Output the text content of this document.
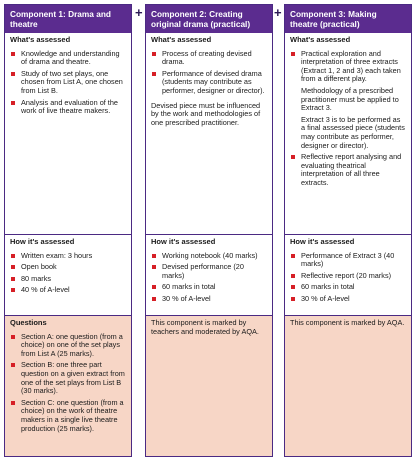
Component 1: Drama and theatre
What's assessed
Knowledge and understanding of drama and theatre.
Study of two set plays, one chosen from List A, one chosen from List B.
Analysis and evaluation of the work of live theatre makers.
How it's assessed
Written exam: 3 hours
Open book
80 marks
40 % of A-level
Questions
Section A: one question (from a choice) on one of the set plays from List A (25 marks).
Section B: one three part question on a given extract from one of the set plays from List B (30 marks).
Section C: one question (from a choice) on the work of theatre makers in a single live theatre production (25 marks).
+	Component 2: Creating original drama (practical)
What's assessed
Process of creating devised drama.
Performance of devised drama (students may contribute as performer, designer or director).

Devised piece must be influenced by the work and methodologies of one prescribed practitioner.

How it's assessed
Working notebook (40 marks)
Devised performance (20 marks)
60 marks in total
30 % of A-level

This component is marked by teachers and moderated by AQA.

+	Component 3: Making theatre (practical)
What's assessed
Practical exploration and interpretation of three extracts (Extract 1, 2 and 3) each taken from a different play.

Methodology of a prescribed practitioner must be applied to Extract 3.

Extract 3 is to be performed as a final assessed piece (students may contribute as performer, designer or director).

Reflective report analysing and evaluating theatrical interpretation of all three extracts.
How it's assessed
Performance of Extract 3 (40 marks)
Reflective report (20 marks)
60 marks in total
30 % of A-level

This component is marked by AQA.
